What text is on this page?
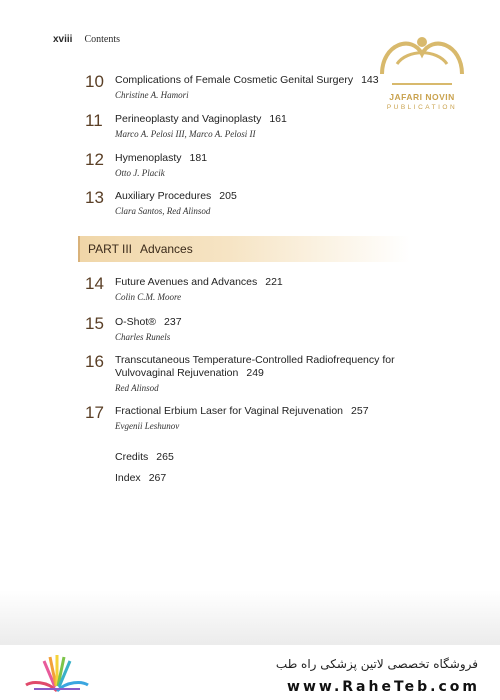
xviii Contents
JAFARI NOVIN
PUBLICATION
10	Complications of Female Cosmetic Genital Surgery 143
Christine A. Hamori
11	Perineoplasty and Vaginoplasty 161
Marco A. Pelosi III, Marco A. Pelosi II
12	Hymenoplasty 181
Otto J. Placik
13	Auxiliary Procedures 205
Clara Santos, Red Alinsod
PART III Advances
14	Future Avenues and Advances 221
Colin C.M. Moore
15	O-Shot® 237
Charles Runels
16	Transcutaneous Temperature-Controlled Radiofrequency for
Vulvovaginal Rejuvenation 249
Red Alinsod
17	Fractional Erbium Laser for Vaginal Rejuvenation 257
Evgenii Leshunov
Credits 265
Index 267
فروشگاه تخصصی لاتین پزشکی راه طب
www.RaheTeb.com
